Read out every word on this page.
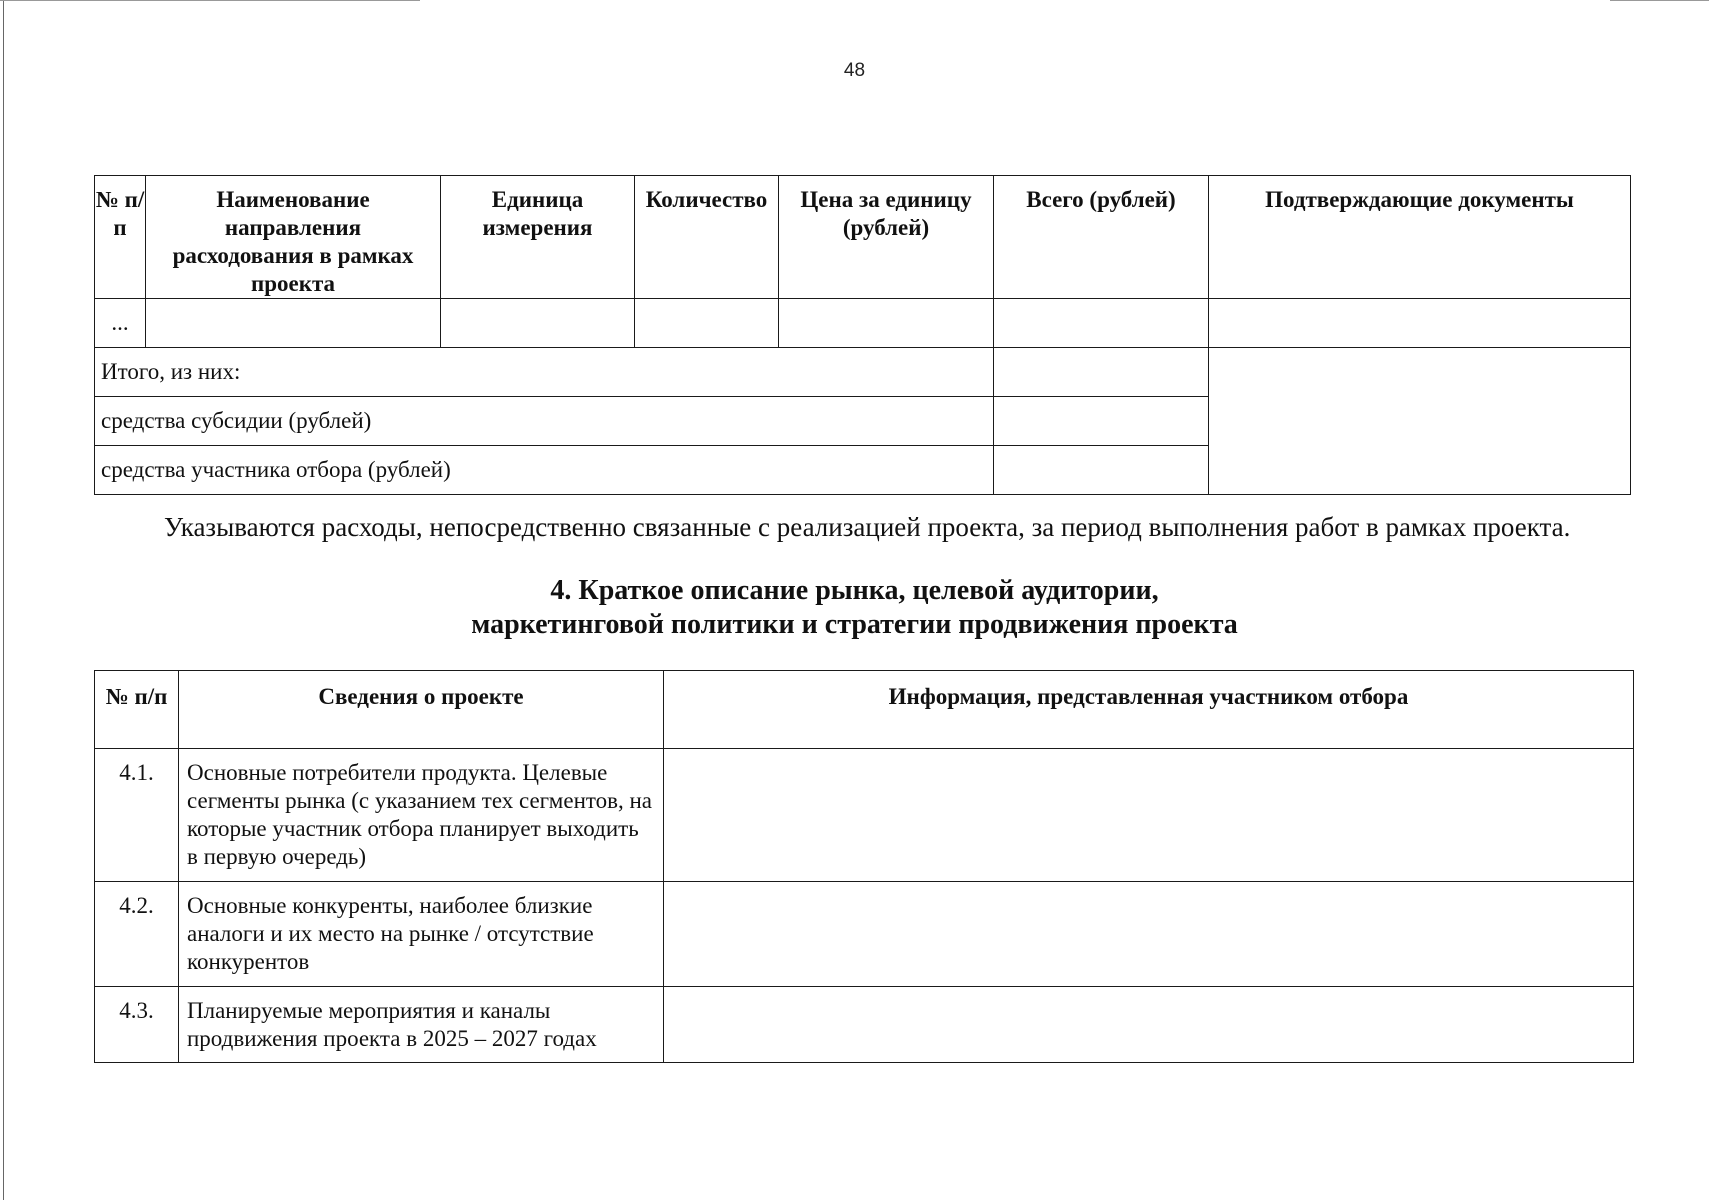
48
№ п/п	Наименование направления расходования в рамках проекта	Единица измерения	Количество	Цена за единицу (рублей)	Всего (рублей)	Подтверждающие документы
...						
Итого, из них:						
средства субсидии (рублей)						
средства участника отбора (рублей)						
Указываются расходы, непосредственно связанные с реализацией проекта, за период выполнения работ в рамках проекта.
4. Краткое описание рынка, целевой аудитории,
маркетинговой политики и стратегии продвижения проекта
№ п/п	Сведения о проекте	Информация, представленная участником отбора
4.1.	Основные потребители продукта. Целевые сегменты рынка (с указанием тех сегментов, на которые участник отбора планирует выходить в первую очередь)	
4.2.	Основные конкуренты, наиболее близкие аналоги и их место на рынке / отсутствие конкурентов	
4.3.	Планируемые мероприятия и каналы продвижения проекта в 2025 – 2027 годах	
